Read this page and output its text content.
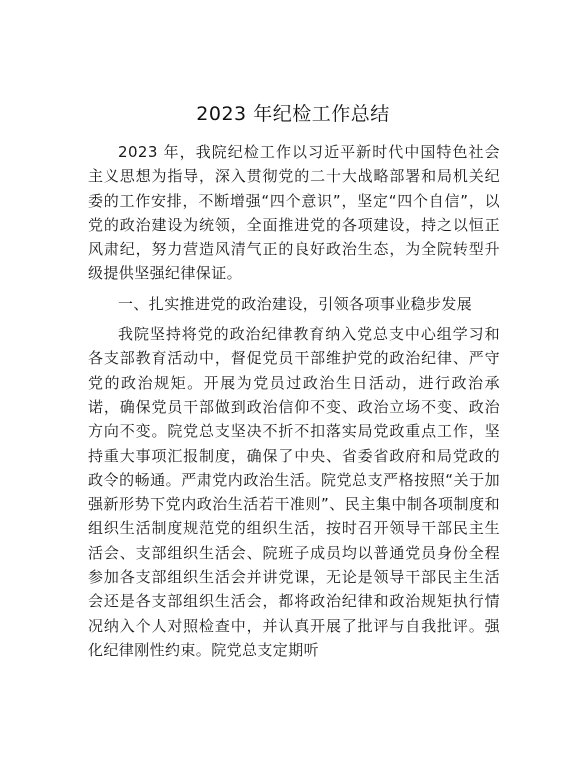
2023 年纪检工作总结

2023 年，我院纪检工作以习近平新时代中国特色社会主义思想为指导，深入贯彻党的二十大战略部署和局机关纪委的工作安排，不断增强“四个意识”，坚定“四个自信”，以党的政治建设为统领，全面推进党的各项建设，持之以恒正风肃纪，努力营造风清气正的良好政治生态，为全院转型升级提供坚强纪律保证。

一、扎实推进党的政治建设，引领各项事业稳步发展

我院坚持将党的政治纪律教育纳入党总支中心组学习和各支部教育活动中，督促党员干部维护党的政治纪律、严守党的政治规矩。开展为党员过政治生日活动，进行政治承诺，确保党员干部做到政治信仰不变、政治立场不变、政治方向不变。院党总支坚决不折不扣落实局党政重点工作，坚持重大事项汇报制度，确保了中央、省委省政府和局党政的政令的畅通。严肃党内政治生活。院党总支严格按照“关于加强新形势下党内政治生活若干准则”、民主集中制各项制度和组织生活制度规范党的组织生活，按时召开领导干部民主生活会、支部组织生活会、院班子成员均以普通党员身份全程参加各支部组织生活会并讲党课，无论是领导干部民主生活会还是各支部组织生活会，都将政治纪律和政治规矩执行情况纳入个人对照检查中，并认真开展了批评与自我批评。强化纪律刚性约束。院党总支定期听
